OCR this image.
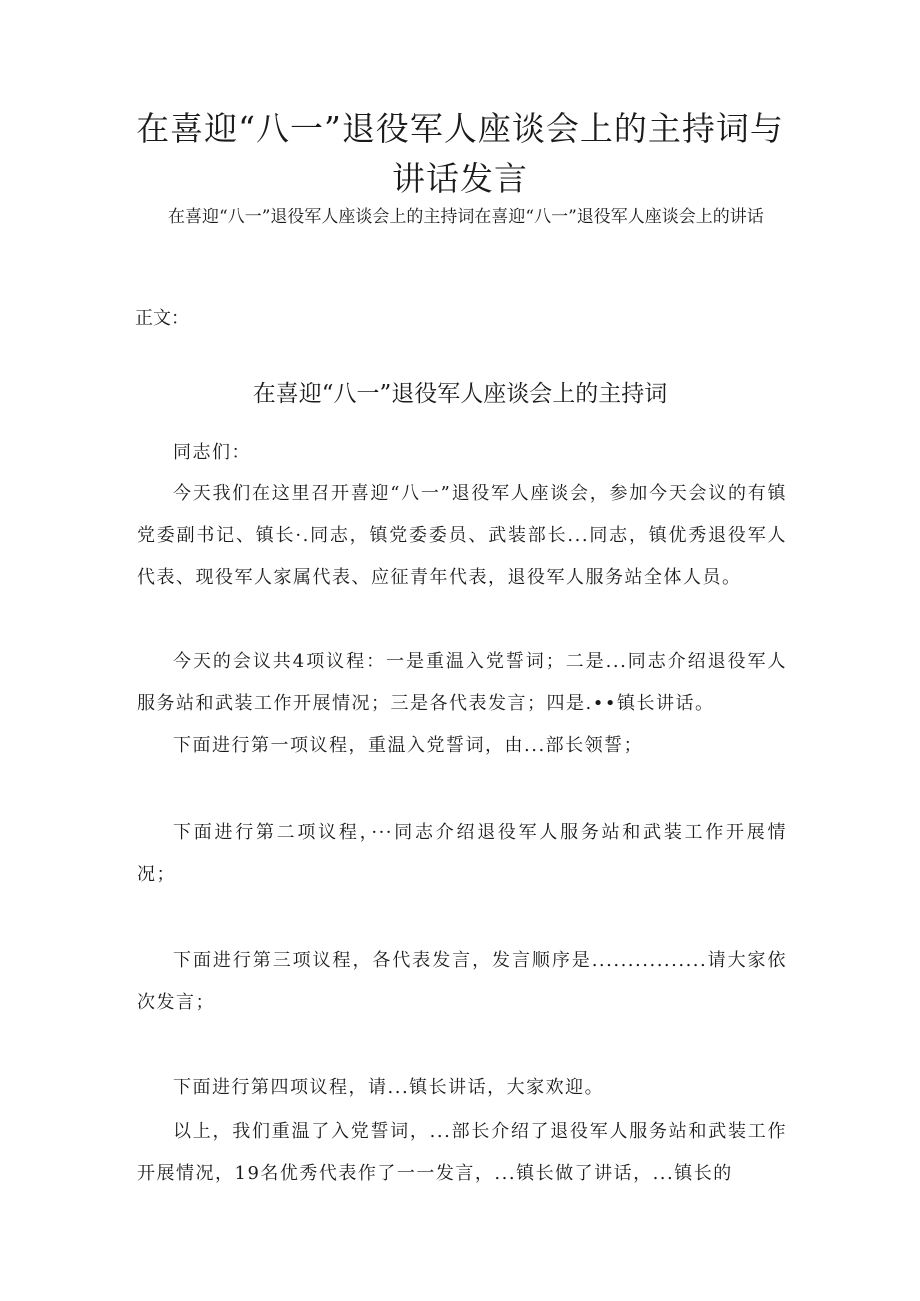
在喜迎“八一”退役军人座谈会上的主持词与讲话发言

在喜迎“八一”退役军人座谈会上的主持词在喜迎“八一”退役军人座谈会上的讲话

正文：

在喜迎“八一”退役军人座谈会上的主持词

同志们：

今天我们在这里召开喜迎“八一”退役军人座谈会，参加今天会议的有镇党委副书记、镇长·.同志，镇党委委员、武装部长...同志，镇优秀退役军人代表、现役军人家属代表、应征青年代表，退役军人服务站全体人员。

今天的会议共4项议程：一是重温入党誓词；二是...同志介绍退役军人服务站和武装工作开展情况；三是各代表发言；四是.••镇长讲话。

下面进行第一项议程，重温入党誓词，由...部长领誓；

下面进行第二项议程，···同志介绍退役军人服务站和武装工作开展情况；

下面进行第三项议程，各代表发言，发言顺序是................请大家依次发言；

下面进行第四项议程，请...镇长讲话，大家欢迎。

以上，我们重温了入党誓词，...部长介绍了退役军人服务站和武装工作开展情况，19名优秀代表作了一一发言，...镇长做了讲话，...镇长的
